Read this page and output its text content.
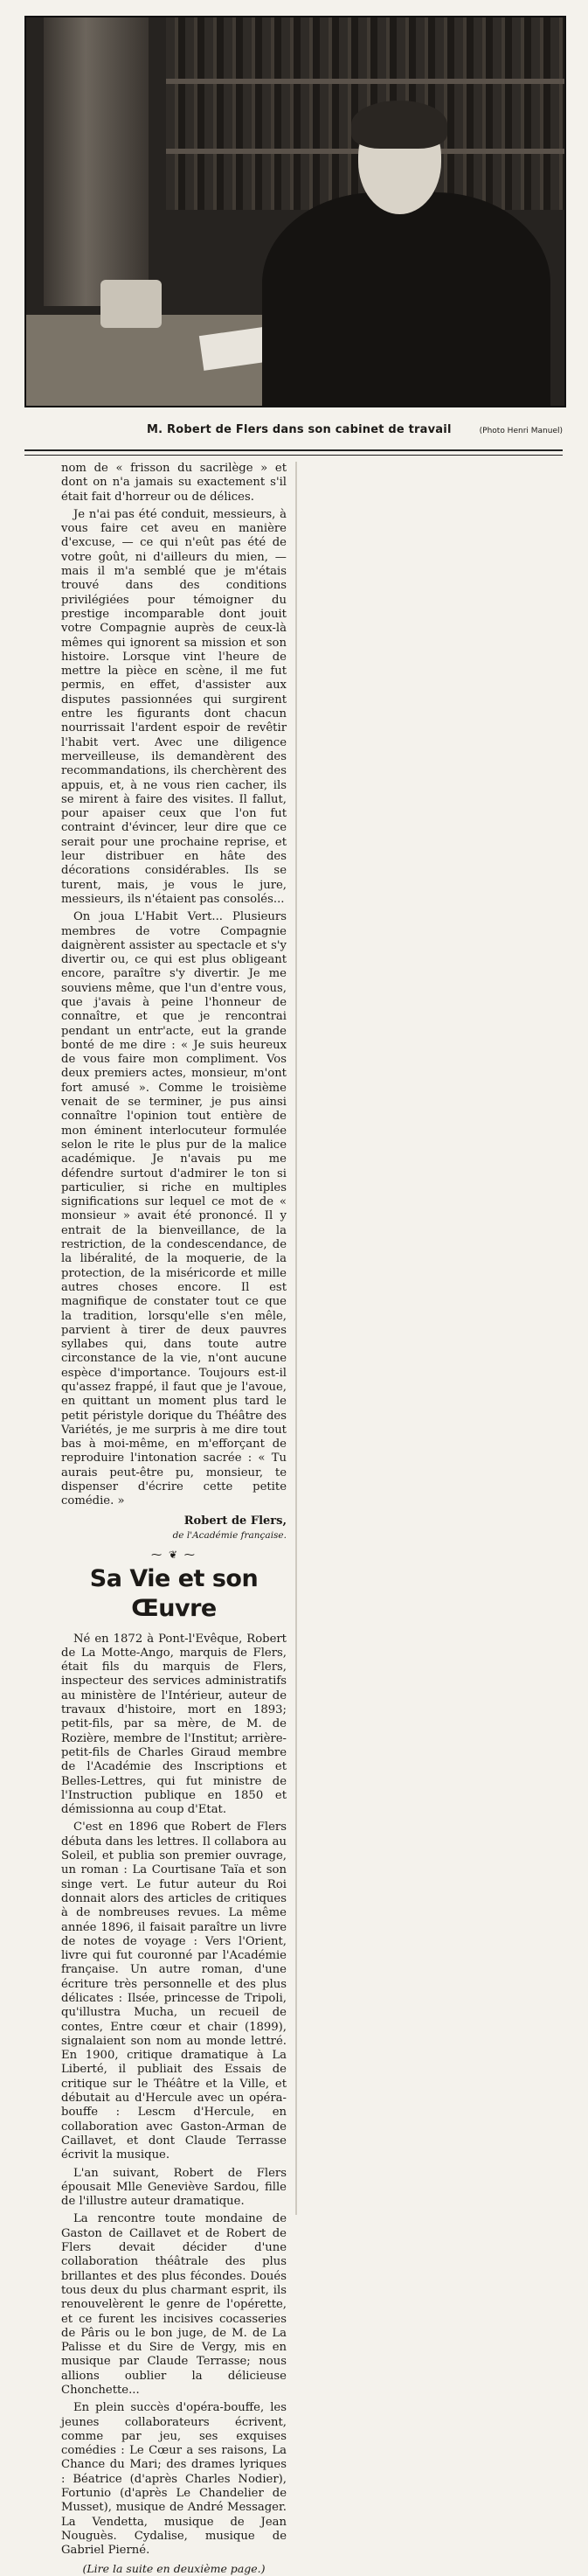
M. Robert de Flers dans son cabinet de travail	(Photo Henri Manuel)

nom de « frisson du sacrilège » et dont on n'a jamais su exactement s'il était fait d'horreur ou de délices.

Je n'ai pas été conduit, messieurs, à vous faire cet aveu en manière d'excuse, — ce qui n'eût pas été de votre goût, ni d'ailleurs du mien, — mais il m'a semblé que je m'étais trouvé dans des conditions privilégiées pour témoigner du prestige incomparable dont jouit votre Compagnie auprès de ceux-là mêmes qui ignorent sa mission et son histoire. Lorsque vint l'heure de mettre la pièce en scène, il me fut permis, en effet, d'assister aux disputes passionnées qui surgirent entre les figurants dont chacun nourrissait l'ardent espoir de revêtir l'habit vert. Avec une diligence merveilleuse, ils demandèrent des recommandations, ils cherchèrent des appuis, et, à ne vous rien cacher, ils se mirent à faire des visites. Il fallut, pour apaiser ceux que l'on fut contraint d'évincer, leur dire que ce serait pour une prochaine reprise, et leur distribuer en hâte des décorations considérables. Ils se turent, mais, je vous le jure, messieurs, ils n'étaient pas consolés...

On joua L'Habit Vert... Plusieurs membres de votre Compagnie daignèrent assister au spectacle et s'y divertir ou, ce qui est plus obligeant encore, paraître s'y divertir. Je me souviens même, que l'un d'entre vous, que j'avais à peine l'honneur de connaître, et que je rencontrai pendant un entr'acte, eut la grande bonté de me dire : « Je suis heureux de vous faire mon compliment. Vos deux premiers actes, monsieur, m'ont fort amusé ». Comme le troisième venait de se terminer, je pus ainsi connaître l'opinion tout entière de mon éminent interlocuteur formulée selon le rite le plus pur de la malice académique. Je n'avais pu me défendre surtout d'admirer le ton si particulier, si riche en multiples significations sur lequel ce mot de « monsieur » avait été prononcé. Il y entrait de la bienveillance, de la restriction, de la condescendance, de la libéralité, de la moquerie, de la protection, de la miséricorde et mille autres choses encore. Il est magnifique de constater tout ce que la tradition, lorsqu'elle s'en mêle, parvient à tirer de deux pauvres syllabes qui, dans toute autre circonstance de la vie, n'ont aucune espèce d'importance. Toujours est-il qu'assez frappé, il faut que je l'avoue, en quittant un moment plus tard le petit péristyle dorique du Théâtre des Variétés, je me surpris à me dire tout bas à moi-même, en m'efforçant de reproduire l'intonation sacrée : « Tu aurais peut-être pu, monsieur, te dispenser d'écrire cette petite comédie. »

Robert de Flers,
de l'Académie française.
⁓ ❦ ⁓
Sa Vie et son Œuvre

Né en 1872 à Pont-l'Evêque, Robert de La Motte-Ango, marquis de Flers, était fils du marquis de Flers, inspecteur des services administratifs au ministère de l'Intérieur, auteur de travaux d'histoire, mort en 1893; petit-fils, par sa mère, de M. de Rozière, membre de l'Institut; arrière-petit-fils de Charles Giraud membre de l'Académie des Inscriptions et Belles-Lettres, qui fut ministre de l'Instruction publique en 1850 et démissionna au coup d'Etat.

C'est en 1896 que Robert de Flers débuta dans les lettres. Il collabora au Soleil, et publia son premier ouvrage, un roman : La Courtisane Taïa et son singe vert. Le futur auteur du Roi donnait alors des articles de critiques à de nombreuses revues. La même année 1896, il faisait paraître un livre de notes de voyage : Vers l'Orient, livre qui fut couronné par l'Académie française. Un autre roman, d'une écriture très personnelle et des plus délicates : Ilsée, princesse de Tripoli, qu'illustra Mucha, un recueil de contes, Entre cœur et chair (1899), signalaient son nom au monde lettré. En 1900, critique dramatique à La Liberté, il publiait des Essais de critique sur le Théâtre et la Ville, et débutait au d'Hercule avec un opéra-bouffe : Lescm d'Hercule, en collaboration avec Gaston-Arman de Caillavet, et dont Claude Terrasse écrivit la musique.

L'an suivant, Robert de Flers épousait Mlle Geneviève Sardou, fille de l'illustre auteur dramatique.

La rencontre toute mondaine de Gaston de Caillavet et de Robert de Flers devait décider d'une collaboration théâtrale des plus brillantes et des plus fécondes. Doués tous deux du plus charmant esprit, ils renouvelèrent le genre de l'opérette, et ce furent les incisives cocasseries de Pâris ou le bon juge, de M. de La Palisse et du Sire de Vergy, mis en musique par Claude Terrasse; nous allions oublier la délicieuse Chonchette...

En plein succès d'opéra-bouffe, les jeunes collaborateurs écrivent, comme par jeu, ses exquises comédies : Le Cœur a ses raisons, La Chance du Mari; des drames lyriques : Béatrice (d'après Charles Nodier), Fortunio (d'après Le Chandelier de Musset), musique de André Messager. La Vendetta, musique de Jean Nouguès. Cydalise, musique de Gabriel Pierné.

(Lire la suite en deuxième page.)
